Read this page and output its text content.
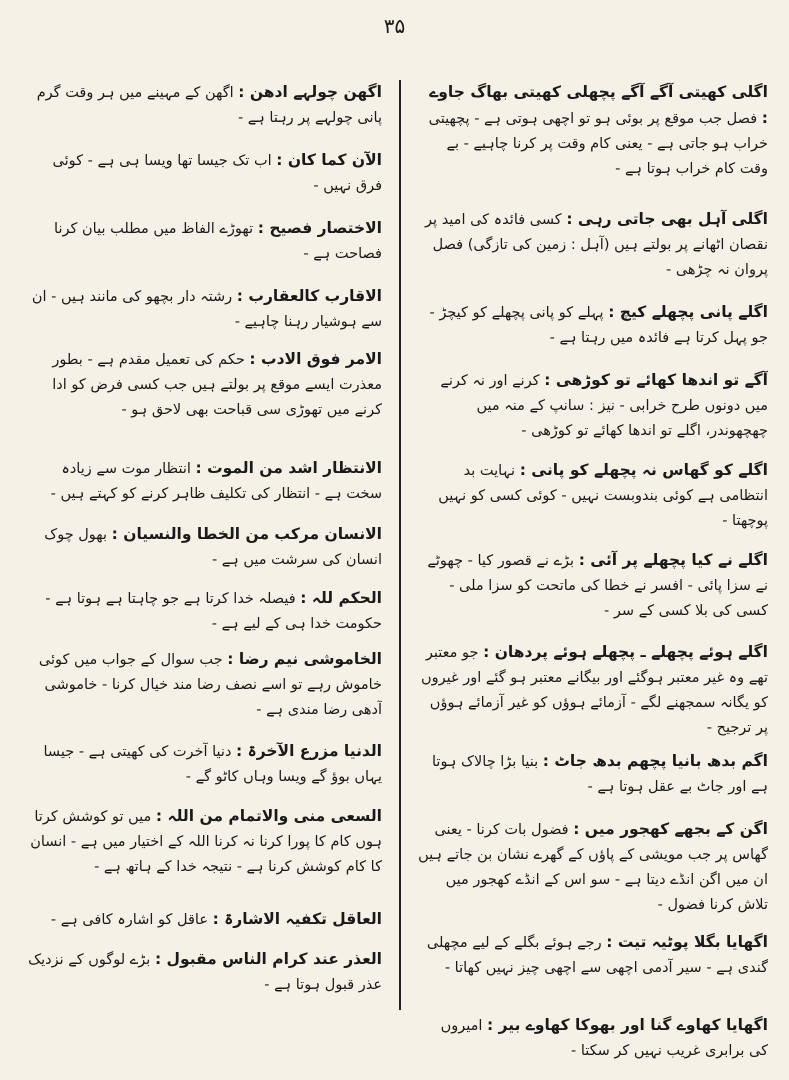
۳۵

اگلی کھیتی آگے آگے پچھلی کھیتی بھاگ جاوے : فصل جب موقع پر بوئی ہو تو اچھی ہوتی ہے - پچھیتی خراب ہو جاتی ہے - یعنی کام وقت پر کرنا چاہیے - بے وقت کام خراب ہوتا ہے -

اگلی آہل بھی جاتی رہی : کسی فائدہ کی امید پر نقصان اٹھانے پر بولتے ہیں (آہل : زمین کی تازگی) فصل پروان نہ چڑھی -

اگلے پانی پچھلے کیچ : پہلے کو پانی پچھلے کو کیچڑ - جو پہل کرتا ہے فائدہ میں رہتا ہے -

آگے تو اندھا کھائے تو کوڑھی : کرنے اور نہ کرنے میں دونوں طرح خرابی - نیز : سانپ کے منہ میں چھچھوندر، اگلے تو اندھا کھائے تو کوڑھی -

اگلے کو گھاس نہ پچھلے کو پانی : نہایت بد انتظامی ہے کوئی بندوبست نہیں - کوئی کسی کو نہیں پوچھتا -

اگلے نے کیا پچھلے پر آئی : بڑے نے قصور کیا - چھوٹے نے سزا پائی - افسر نے خطا کی ماتحت کو سزا ملی - کسی کی بلا کسی کے سر -

اگلے ہوئے پچھلے ـ پچھلے ہوئے پردھان : جو معتبر تھے وہ غیر معتبر ہوگئے اور بیگانے معتبر ہو گئے اور غیروں کو یگانہ سمجھنے لگے - آزمائے ہوؤں کو غیر آزمائے ہوؤں پر ترجیح -

اگم بدھ بانیا پچھم بدھ جاٹ : بنیا بڑا چالاک ہوتا ہے اور جاٹ بے عقل ہوتا ہے -

اگن کے بجھے کھجور میں : فضول بات کرنا - یعنی گھاس پر جب مویشی کے پاؤں کے گھرے نشان بن جاتے ہیں ان میں اگن انڈے دیتا ہے - سو اس کے انڈے کھجور میں تلاش کرنا فضول -

اگھایا بگلا پوٹیہ تیت : رجے ہوئے بگلے کے لیے مچھلی گندی ہے - سیر آدمی اچھی سے اچھی چیز نہیں کھاتا -

اگھایا کھاوے گنا اور بھوکا کھاوے بیر : امیروں کی برابری غریب نہیں کر سکتا -

اگھن چولہے ادھن : اگھن کے مہینے میں ہر وقت گرم پانی چولہے پر رہتا ہے -

الآن کما کان : اب تک جیسا تھا ویسا ہی ہے - کوئی فرق نہیں -

الاختصار فصیح : تھوڑے الفاظ میں مطلب بیان کرنا فصاحت ہے -

الاقارب کالعقارب : رشتہ دار بچھو کی مانند ہیں - ان سے ہوشیار رہنا چاہیے -

الامر فوق الادب : حکم کی تعمیل مقدم ہے - بطور معذرت ایسے موقع پر بولتے ہیں جب کسی فرض کو ادا کرنے میں تھوڑی سی قباحت بھی لاحق ہو -

الانتظار اشد من الموت : انتظار موت سے زیادہ سخت ہے - انتظار کی تکلیف ظاہر کرنے کو کہتے ہیں -

الانسان مرکب من الخطا والنسیان : بھول چوک انسان کی سرشت میں ہے -

الحکم للہ : فیصلہ خدا کرتا ہے جو چاہتا ہے ہوتا ہے - حکومت خدا ہی کے لیے ہے -

الخاموشی نیم رضا : جب سوال کے جواب میں کوئی خاموش رہے تو اسے نصف رضا مند خیال کرنا - خاموشی آدھی رضا مندی ہے -

الدنیا مزرع الآخرۃ : دنیا آخرت کی کھیتی ہے - جیسا یہاں بوؤ گے ویسا وہاں کاٹو گے -

السعی منی والاتمام من اللہ : میں تو کوشش کرتا ہوں کام کا پورا کرنا نہ کرنا اللہ کے اختیار میں ہے - انسان کا کام کوشش کرنا ہے - نتیجہ خدا کے ہاتھ ہے -

العاقل تکفیہ الاشارۃ : عاقل کو اشارہ کافی ہے -

العذر عند کرام الناس مقبول : بڑے لوگوں کے نزدیک عذر قبول ہوتا ہے -
